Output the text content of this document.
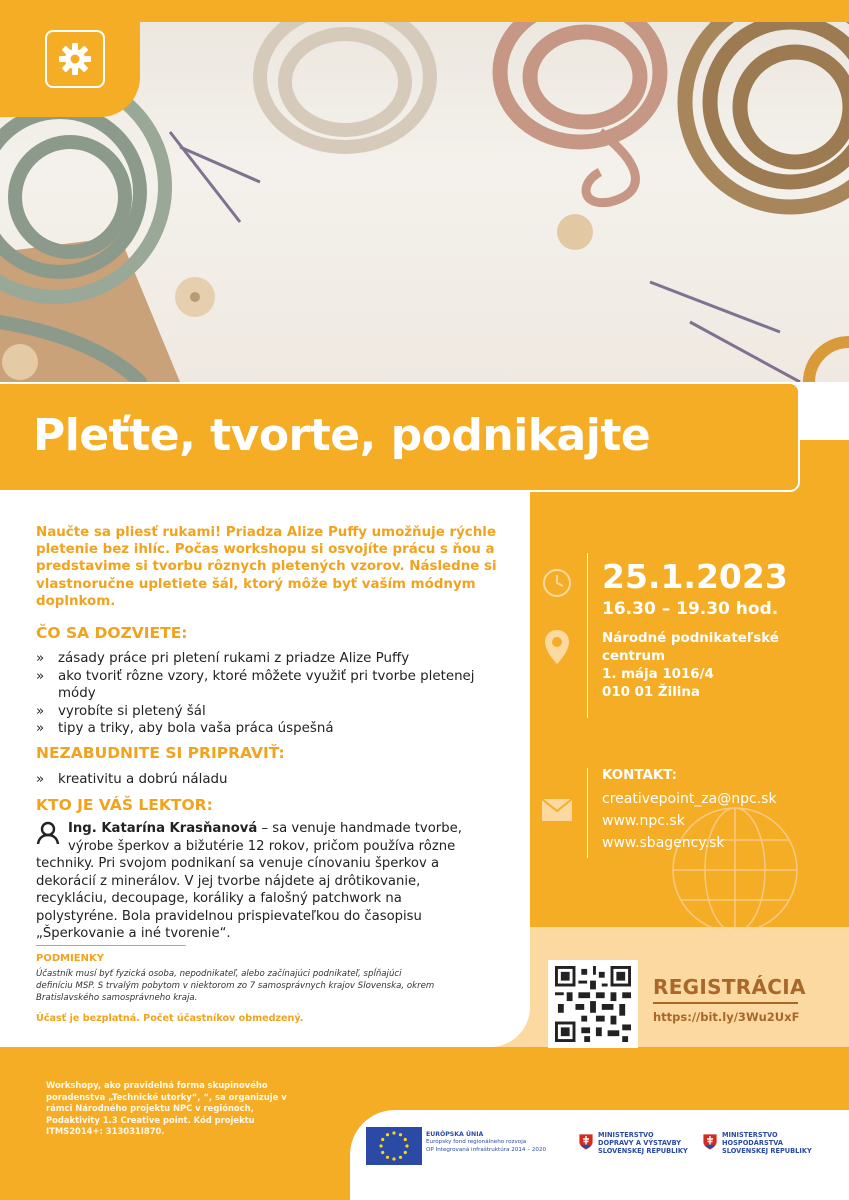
Pleťte, tvorte, podnikajte

Naučte sa pliesť rukami! Priadza Alize Puffy umožňuje rýchle pletenie bez ihlíc. Počas workshopu si osvojíte prácu s ňou a predstavime si tvorbu rôznych pletených vzorov. Následne si vlastnoručne upletiete šál, ktorý môže byť vaším módnym doplnkom.

ČO SA DOZVIETE:
» zásady práce pri pletení rukami z priadze Alize Puffy
» ako tvoriť rôzne vzory, ktoré môžete využiť pri tvorbe pletenej módy
» vyrobíte si pletený šál
» tipy a triky, aby bola vaša práca úspešná
NEZABUDNITE SI PRIPRAVIŤ:
» kreativitu a dobrú náladu
KTO JE VÁŠ LEKTOR:
Ing. Katarína Krasňanová – sa venuje handmade tvorbe, výrobe šperkov a bižutérie 12 rokov, pričom používa rôzne techniky. Pri svojom podnikaní sa venuje cínovaniu šperkov a dekorácií z minerálov. V jej tvorbe nájdete aj drôtikovanie, recykláciu, decoupage, koráliky a falošný patchwork na polystyréne. Bola pravidelnou prispievateľkou do časopisu „Šperkovanie a iné tvorenie“.
PODMIENKY
Účastník musí byť fyzická osoba, nepodnikateľ, alebo začínajúci podnikateľ, spĺňajúci definíciu MSP. S trvalým pobytom v niektorom zo 7 samosprávnych krajov Slovenska, okrem Bratislavského samosprávneho kraja.
Účasť je bezplatná. Počet účastníkov obmedzený.
25.1.2023
16.30 – 19.30 hod.
Národné podnikateľské
centrum
1. mája 1016/4
010 01 Žilina
KONTAKT:
creativepoint_za@npc.sk
www.npc.sk
www.sbagency.sk
REGISTRÁCIA
https://bit.ly/3Wu2UxF
Workshopy, ako pravidelná forma skupinového poradenstva „Technické utorky“, “, sa organizuje v rámci Národného projektu NPC v regiónoch, Podaktivity 1.3 Creative point. Kód projektu ITMS2014+: 313031I870.	EURÓPSKA ÚNIA
Európsky fond regionálneho rozvoja
OP Integrovaná infraštruktúra 2014 – 2020
MINISTERSTVO
DOPRAVY A VÝSTAVBY
SLOVENSKEJ REPUBLIKY
MINISTERSTVO
HOSPODÁRSTVA
SLOVENSKEJ REPUBLIKY
